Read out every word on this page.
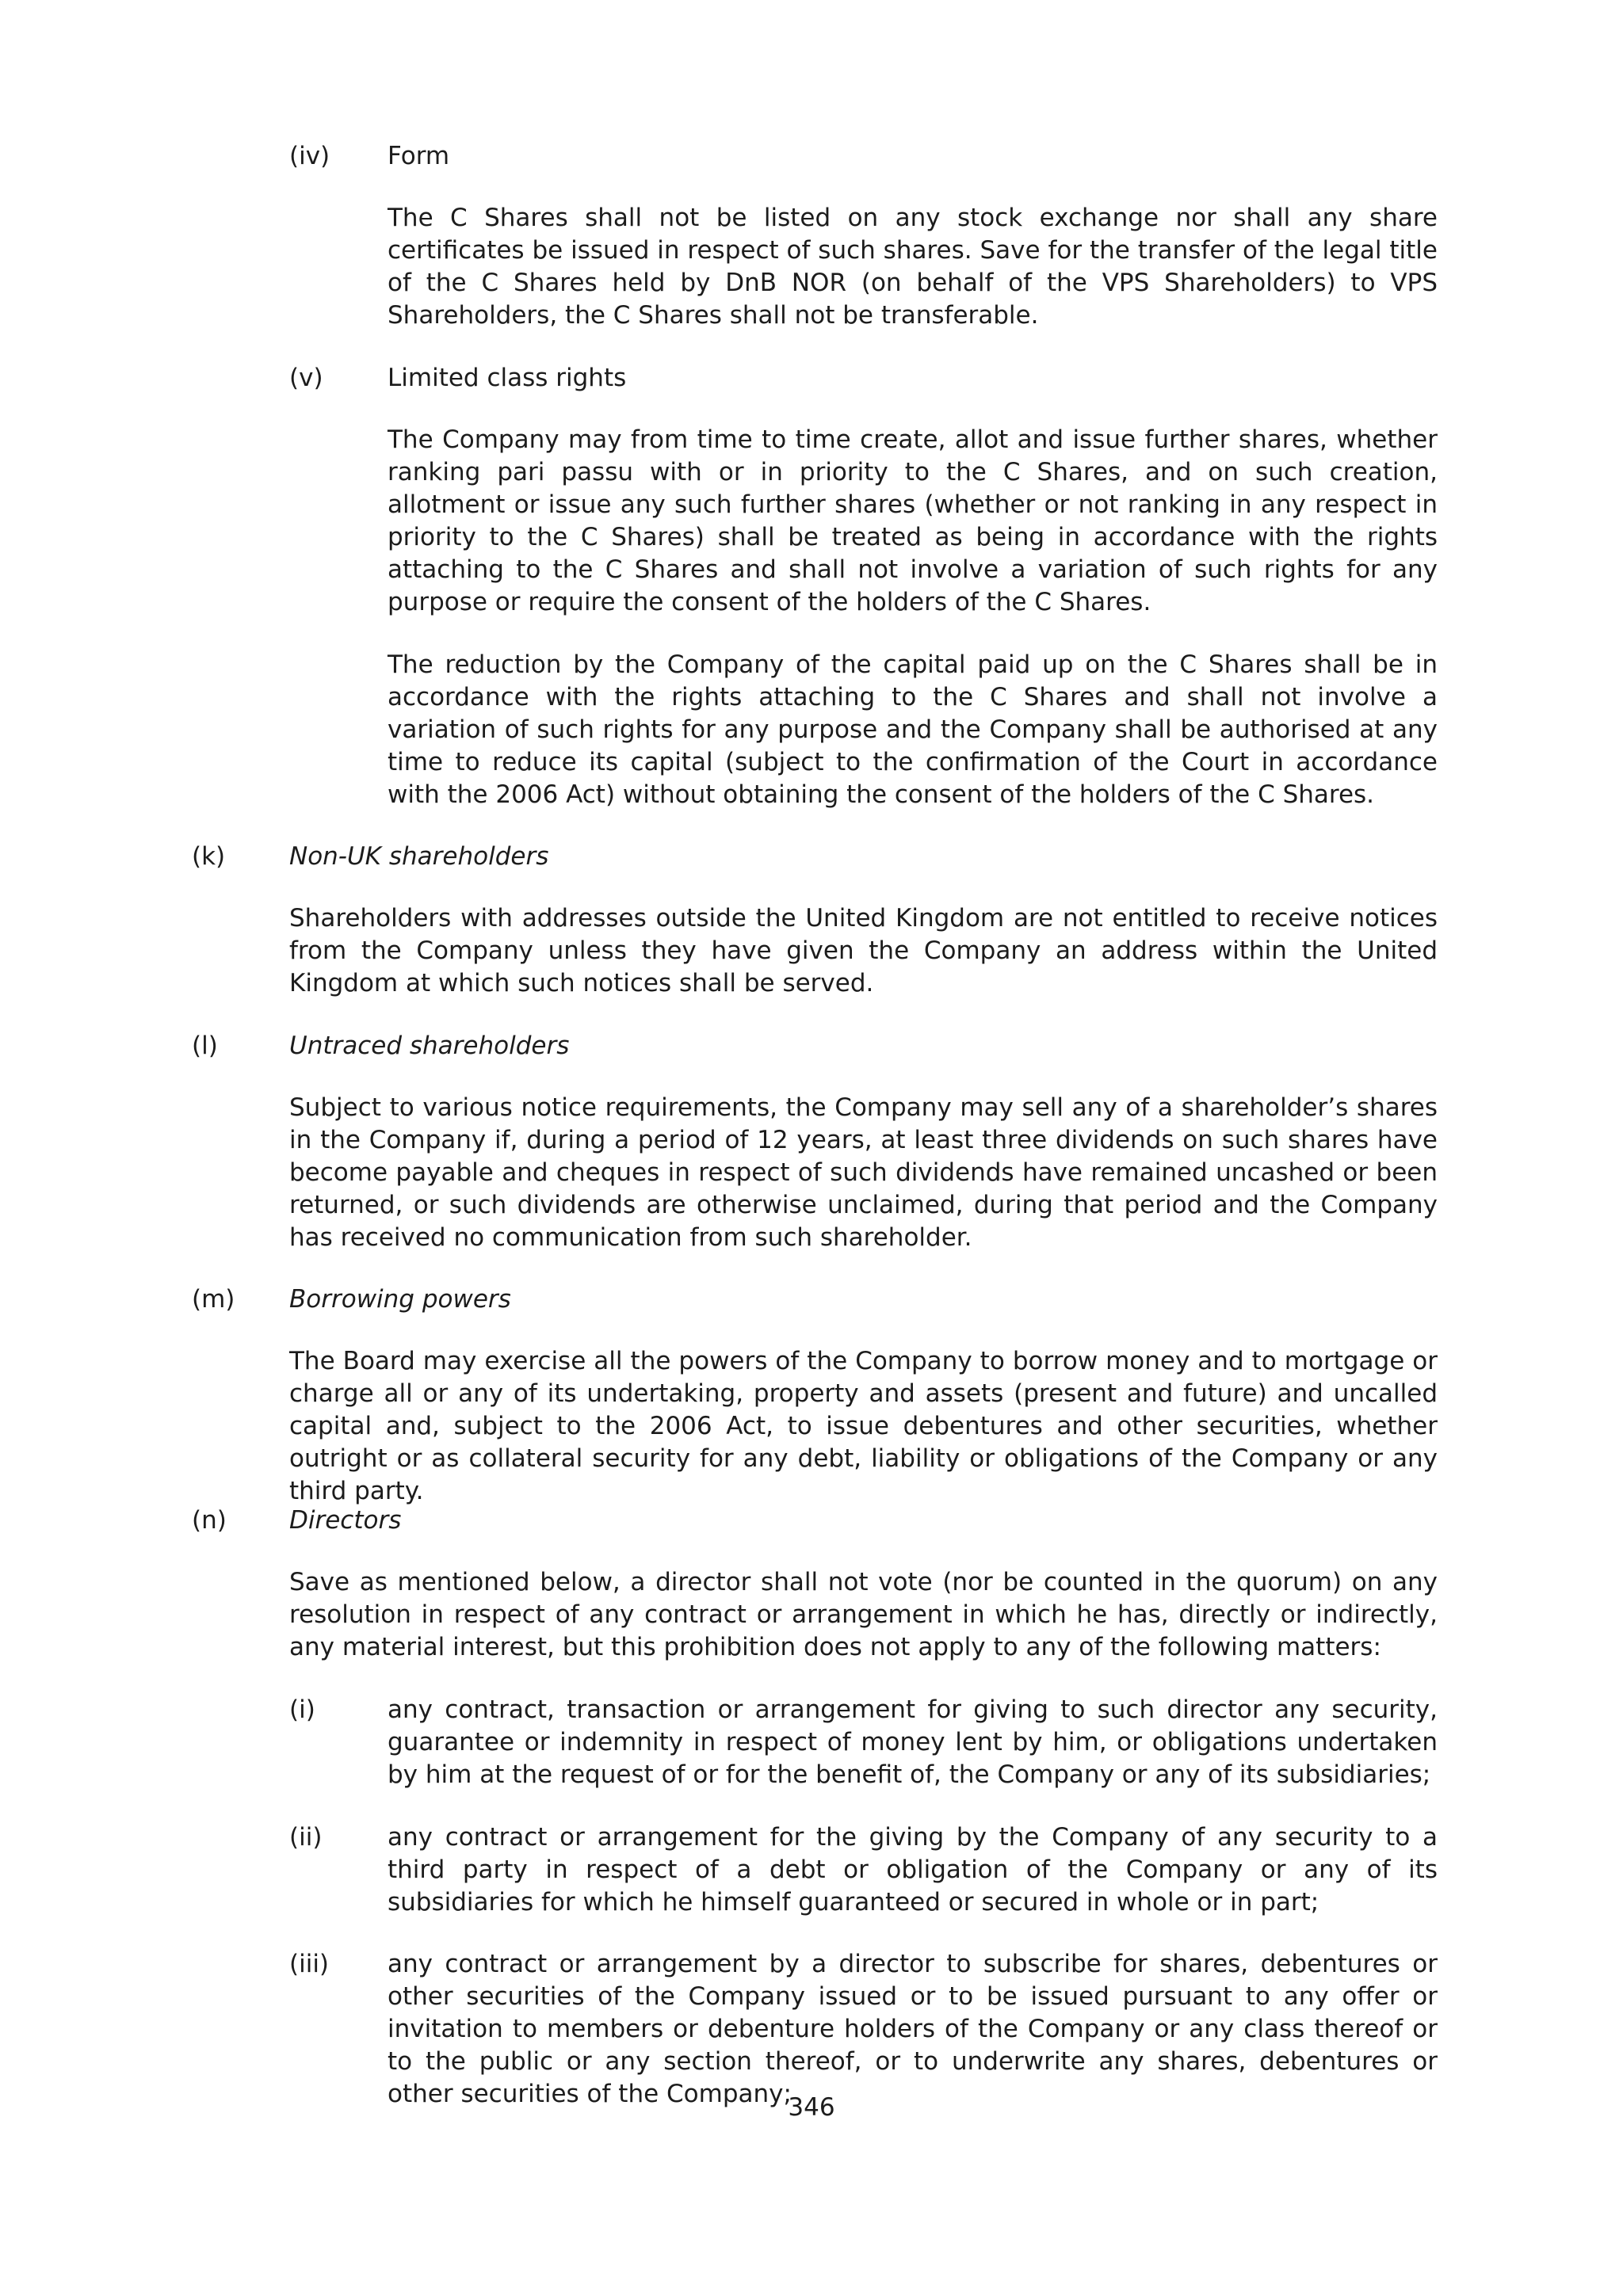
(iv) Form

The C Shares shall not be listed on any stock exchange nor shall any share certificates be issued in respect of such shares. Save for the transfer of the legal title of the C Shares held by DnB NOR (on behalf of the VPS Shareholders) to VPS Shareholders, the C Shares shall not be transferable.

(v)	Limited class rights

The Company may from time to time create, allot and issue further shares, whether ranking pari passu with or in priority to the C Shares, and on such creation, allotment or issue any such further shares (whether or not ranking in any respect in priority to the C Shares) shall be treated as being in accordance with the rights attaching to the C Shares and shall not involve a variation of such rights for any purpose or require the consent of the holders of the C Shares.

The reduction by the Company of the capital paid up on the C Shares shall be in accordance with the rights attaching to the C Shares and shall not involve a variation of such rights for any purpose and the Company shall be authorised at any time to reduce its capital (subject to the confirmation of the Court in accordance with the 2006 Act) without obtaining the consent of the holders of the C Shares.

(k)	Non-UK shareholders

Shareholders with addresses outside the United Kingdom are not entitled to receive notices from the Company unless they have given the Company an address within the United Kingdom at which such notices shall be served.

(l)	Untraced shareholders

Subject to various notice requirements, the Company may sell any of a shareholder’s shares in the Company if, during a period of 12 years, at least three dividends on such shares have become payable and cheques in respect of such dividends have remained uncashed or been returned, or such dividends are otherwise unclaimed, during that period and the Company has received no communication from such shareholder.

(m) Borrowing powers

The Board may exercise all the powers of the Company to borrow money and to mortgage or charge all or any of its undertaking, property and assets (present and future) and uncalled capital and, subject to the 2006 Act, to issue debentures and other securities, whether outright or as collateral security for any debt, liability or obligations of the Company or any third party.

(n)	Directors

Save as mentioned below, a director shall not vote (nor be counted in the quorum) on any resolution in respect of any contract or arrangement in which he has, directly or indirectly, any material interest, but this prohibition does not apply to any of the following matters:

(i)	any contract, transaction or arrangement for giving to such director any security, guarantee or indemnity in respect of money lent by him, or obligations undertaken by him at the request of or for the benefit of, the Company or any of its subsidiaries;

(ii)	any contract or arrangement for the giving by the Company of any security to a third party in respect of a debt or obligation of the Company or any of its subsidiaries for which he himself guaranteed or secured in whole or in part;

(iii) any contract or arrangement by a director to subscribe for shares, debentures or other securities of the Company issued or to be issued pursuant to any offer or invitation to members or debenture holders of the Company or any class thereof or to the public or any section thereof, or to underwrite any shares, debentures or other securities of the Company;

346
